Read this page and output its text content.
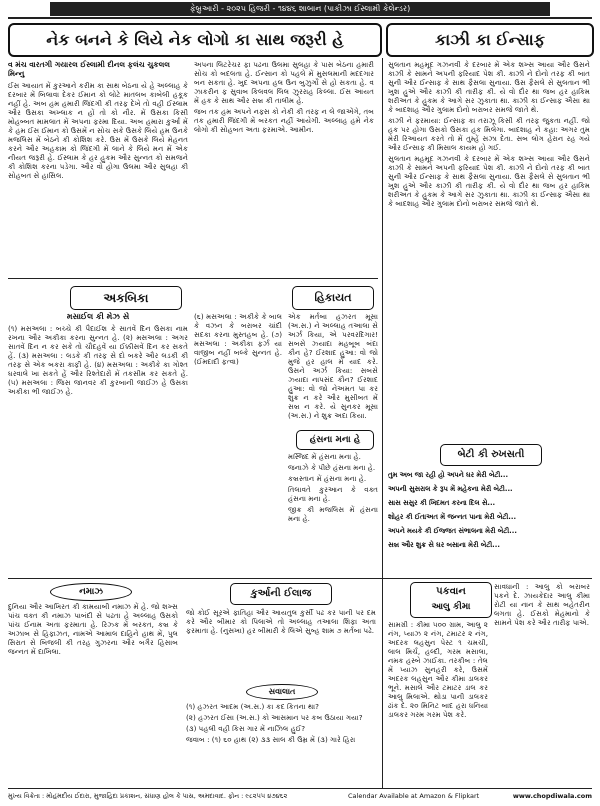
ફેબ્રુઆરી - ૨૦૨૫ હિજરી - ૧૪૪૬ શાબાન (પાકીઝા ઈસ્લામી કેલેન્ડર)
નેક બનને કે લિયે નેક લોગો કા સાથ જરૂરી હે	કાઝી કા ઈન્સાફ
વ મંચ વારતગી ગયારલ ઈસ્લામી દીનલ ફલંચ ચુકલલ મિન્નુ

ઈસ આયાત મેં કુરઆને કરીમ કા સાથ બેઠના યે હે અલ્લાહ કે દરબાર મેં બિલાવા દેકર ઈમાન કો લોટે માતલબ કાબેલી હકૂક નહીં હે. અબ હમ હમારી જિંદગી કી તરફ દેખે તો વહી ઈસ્લામ ઔર ઉસકા અખ્લાક ન હોં તો કો નૌર. મેં ઉસકા કિસી મોહબ્બત મામલાત મેં અપના ફરમા દિયા. અબ હમારા કુર્આ મેં કે હમ ઈસ ઈમાન કો ઉસમેં ન સોચ સકે ઉસકે લિયે હમ ઉનકે મજલિસ મેં બેઠને કી કોશિશ કરે. ઉસ મેં ઉસકે લિયે મેહનત કરને ઔર અહકામ કો જિંદગી મેં લાને કે લિયે મન મેં એક નીયત જરૂરી હે. ઈસ્લામ કે હર હુકમ ઔર સુન્નત કો સમજને કી કોશિશ કરના પડેગા. ઔર વો હોગા ઉલમા ઔર સુલહા કી સોહબત સે હાસિલ.

અપના લિટરેચર ફા પઢના ઉલમા સુલહા કે પાસ બેઠના હમારી સોચ કો બદલતા હે. ઈન્સાન કો પહલે મેં મુસલમાની મદદગાર બન સકતા હે. ખુદ અપના હલ ઉન બુઝુર્ગો સે હો સકતા હે. વ ઝાકરીન ફ સુવાબ કિલવલ લિલ ઝુરરાહ કિલ્લા. ઈસ આયત મેં હક કે સાથ ઔર સબ્ર કી તાલીમ હે.

જબ તક હમ અપને નફ્સ કો નેકી કી તરફ ન લે જાએંગે, તબ તક હમારી જિંદગી મેં બરકત નહીં આયેગી. અલ્લાહ હમે નેક લોગો કી સોહબત અતા ફરમાએ. આમીન.

સુલતાન મહમૂદ ગઝનવી કે દરબાર મેં એક શખ્સ આયા ઔર ઉસને કાઝી કે સામને અપની ફરિયાદ પેશ કી. કાઝી ને દોનો તરફ કી બાત સુની ઔર ઈન્સાફ કે સાથ ફૈસલા સુનાયા. ઉસ ફૈસલે સે સુલતાન ભી ખુશ હુએ ઔર કાઝી કી તારીફ કી. યે વો દૌર થા જબ હર હાકિમ શરીઅત કે હુકમ કે આગે સર ઝુકાતા થા. કાઝી કા ઈન્સાફ ઐસા થા કે બાદશાહ ઔર ગુલામ દોનો બરાબર સમજે જાતે થે.

કાઝી ને ફરમાયા: ઈન્સાફ કા તરાઝૂ કિસી કી તરફ જુકતા નહીં. જો હક પર હોગા ઉસકો ઉસકા હક મિલેગા. બાદશાહ ને કહા: અગર તુમ મેરી રિઆયત કરતે તો મેં તુમ્હેં સઝા દેતા. સબ લોગ હેરાન રહ ગયે ઔર ઈન્સાફ કી મિસાલ કાયમ હો ગઈ.

સુલતાન મહમૂદ ગઝનવી કે દરબાર મેં એક શખ્સ આયા ઔર ઉસને કાઝી કે સામને અપની ફરિયાદ પેશ કી. કાઝી ને દોનો તરફ કી બાત સુની ઔર ઈન્સાફ કે સાથ ફૈસલા સુનાયા. ઉસ ફૈસલે સે સુલતાન ભી ખુશ હુએ ઔર કાઝી કી તારીફ કી. યે વો દૌર થા જબ હર હાકિમ શરીઅત કે હુકમ કે આગે સર ઝુકાતા થા. કાઝી કા ઈન્સાફ ઐસા થા કે બાદશાહ ઔર ગુલામ દોનો બરાબર સમજે જાતે થે.

અકબિકા
મસાઈલ કી મેઝ સે

(૧) મસઅલા : બચ્ચે કી પૈદાઈશ કે સાતવેં દિન ઉસકા નામ રખના ઔર અકીકા કરના સુન્નત હે. (૨) મસઅલા : અગર સાતવેં દિન ન કર સકે તો ચૌદહવેં યા ઈક્કીસવેં દિન કર સકતે હેં. (૩) મસઅલા : લડકે કી તરફ સે દો બકરે ઔર લડકી કી તરફ સે એક બકરા કાફી હે. (૪) મસઅલા : અકીકે કા ગોશ્ત ઘરવાલે ખા સકતે હેં ઔર રિશ્તેદારોં મેં તકસીમ કર સકતે હેં. (૫) મસઅલા : જિસ જાનવર કી કુરબાની જાઈઝ હે ઉસકા અકીકા ભી જાઈઝ હે.

(૬) મસઅલા : અકીકે કે બાલ કે વઝન કે બરાબર ચાંદી સદકા કરના મુસ્તહબ હે. (૭) મસઅલા : અકીકા ફર્ઝ યા વાજીબ નહીં બલ્કે સુન્નત હે. (ઈમદાદી ફત્વા)

હિકાયત
એક મર્તબા હઝરત મૂસા (અ.સ.) ને અલ્લાહ તઆલા સે અર્ઝ કિયા, એ પરવરદિગાર! સબસે ઝ્યાદા મહબૂબ બંદા કૌન હે? ઈરશાદ હુઆ: વો જો મુજે હર હાલ મેં યાદ કરે. ઉસને અર્ઝ કિયા: સબસે ઝ્યાદા નાપસંદ કૌન? ઈરશાદ હુઆ: વો જો નેઅમત પા કર શુક્ર ન કરે ઔર મુસીબત મેં સબ્ર ન કરે. યે સુનકર મૂસા (અ.સ.) ને શુક્ર અદા કિયા.
હંસના મના હે

મસ્જિદ મેં હંસના મના હે.

જનાઝે કે પીછે હંસના મના હે.

કબ્રસ્તાન મેં હંસના મના હે.

તિલાવતે કુરઆન કે વક્ત હંસના મના હે.

જીક્ર કી મજલિસ મેં હંસના મના હે.

બેટી કી રુખસતી
તુમ અબ જા રહી હો અપને ઘર મેરી બેટી...
અપની સુસરાલ કે રૂપ મેં મહેકના મેરી બેટી...
સાસ સસુર કી ખિદમત કરના દિલ સે...
શોહર કી ઈતાઅત મેં જન્નત પાના મેરી બેટી...
અપને મયકે કી ઈજ્જત સંભાલના મેરી બેટી...
સબ્ર ઔર શુક્ર સે ઘર બસાના મેરી બેટી...
નમાઝ
દુનિયા ઔર આખિરત કી કામયાબી નમાઝ મેં હે. જો શખ્સ પાંચ વક્ત કી નમાઝ પાબંદી સે પઢતા હે અલ્લાહ ઉસકો પાંચ ઈનામ અતા ફરમાતા હે. રિઝ્ક મેં બરકત, કબ્ર કે અઝાબ સે હિફાઝત, નામએ આમાલ દાહિને હાથ મેં, પુલ સિરાત સે બિજલી કી તરહ ગુઝરના ઔર બગૈર હિસાબ જન્નત મેં દાખિલા.
કુર્આની ઈલાજ
જો કોઈ સૂરએ ફાતિહા ઔર આયતુલ કુર્સી પઢ કર પાની પર દમ કરે ઔર બીમાર કો પિલાએ તો અલ્લાહ તઆલા શિફા અતા ફરમાતા હે. (નુસખા) હર બીમારી કે લિએ સુબ્હ શામ ૭ મર્તબા પઢે.
સવાલાત

(૧) હઝરત આદમ (અ.સ.) કા કદ કિતના થા?

(૨) હઝરત ઈસા (અ.સ.) કો આસમાન પર કબ ઉઠાયા ગયા?

(૩) પહલી વહી કિસ ગાર મેં નાઝિલ હુઈ?

જવાબ : (૧) ૬૦ હાથ (૨) ૩૩ સાલ કી ઉમ્ર મેં (૩) ગારે હિરા

પકવાન
આલુ કીમા
સામગ્રી : કીમા ૫૦૦ ગ્રામ, આલુ ૨ નંગ, પ્યાઝ ૨ નંગ, ટમાટર ૨ નંગ, અદરક લહસુન પેસ્ટ ૧ ચમચી, લાલ મિર્ચ, હલ્દી, ગરમ મસાલા, નમક હસ્બે ઝાઈકા. તરકીબ : તેલ મેં પ્યાઝ સુનહરી કરે, ઉસમેં અદરક લહસુન ઔર કીમા ડાલકર ભૂને. મસાલે ઔર ટમાટર ડાલ કર આલુ મિલાએ. થોડા પાની ડાલકર ઢાંક દે. ૨૦ મિનિટ બાદ હરા ધનિયા ડાલકર ગરમ ગરમ પેશ કરે.
સાવધાની : આલુ કો બરાબર પકને દે. ઝાયકેદાર આલુ કીમા રોટી યા નાન કે સાથ બહેતરીન લગતા હે. ઈસકો મેહમાનો કે સામને પેશ કરે ઔર તારીફ પાએ.
મુખ્ય વિક્રેતા : મોહંમદીય ઈદારા, મુજાહિદા પ્રકાશન, સંધાણ હોલ કે પાસ, અમદાવાદ. ફોન : ૯૮૨૫૫ ૪૭૪૬૨	Calendar Available at Amazon & Flipkart	www.chopdiwala.com
